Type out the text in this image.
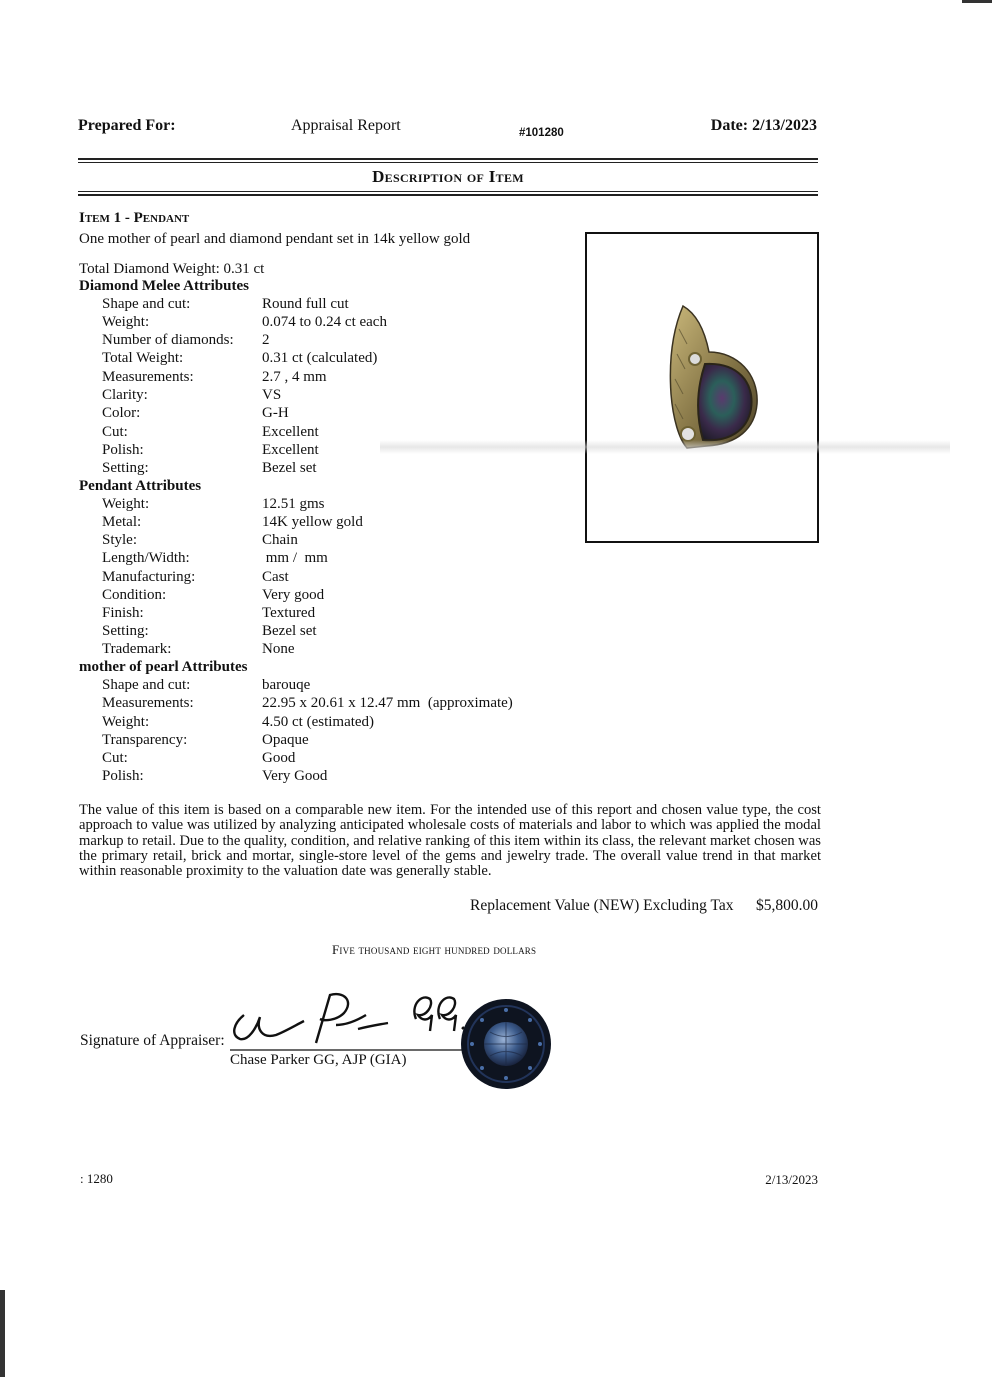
Prepared For:	Appraisal Report	#101280	Date: 2/13/2023
Description of Item
Item 1 - Pendant
One mother of pearl and diamond pendant set in 14k yellow gold
Total Diamond Weight: 0.31 ct
Diamond Melee Attributes
Shape and cut:	Round full cut
Weight:	0.074 to 0.24 ct each
Number of diamonds: 2
Total Weight:	0.31 ct (calculated)
Measurements:	2.7 , 4 mm
Clarity:	VS
Color:	G-H
Cut:	Excellent
Polish:	Excellent
Setting:	Bezel set
Pendant Attributes
Weight:	12.51 gms
Metal:	14K yellow gold
Style:	Chain
Length/Width:	mm /  mm
Manufacturing:	Cast
Condition:	Very good
Finish:	Textured
Setting:	Bezel set
Trademark:	None
mother of pearl Attributes
Shape and cut:	barouqe
Measurements:	22.95 x 20.61 x 12.47 mm  (approximate)
Weight:	4.50 ct (estimated)
Transparency:	Opaque
Cut:	Good
Polish:	Very Good
The value of this item is based on a comparable new item. For the intended use of this report and chosen value type, the cost approach to value was utilized by analyzing anticipated wholesale costs of materials and labor to which was applied the modal markup to retail. Due to the quality, condition, and relative ranking of this item within its class, the relevant market chosen was the primary retail, brick and mortar, single-store level of the gems and jewelry trade. The overall value trend in that market within reasonable proximity to the valuation date was generally stable.
Replacement Value (NEW) Excluding Tax $5,800.00
Five thousand eight hundred dollars
Signature of Appraiser:
C P GG.
Chase Parker GG, AJP (GIA)
: 1280	2/13/2023
